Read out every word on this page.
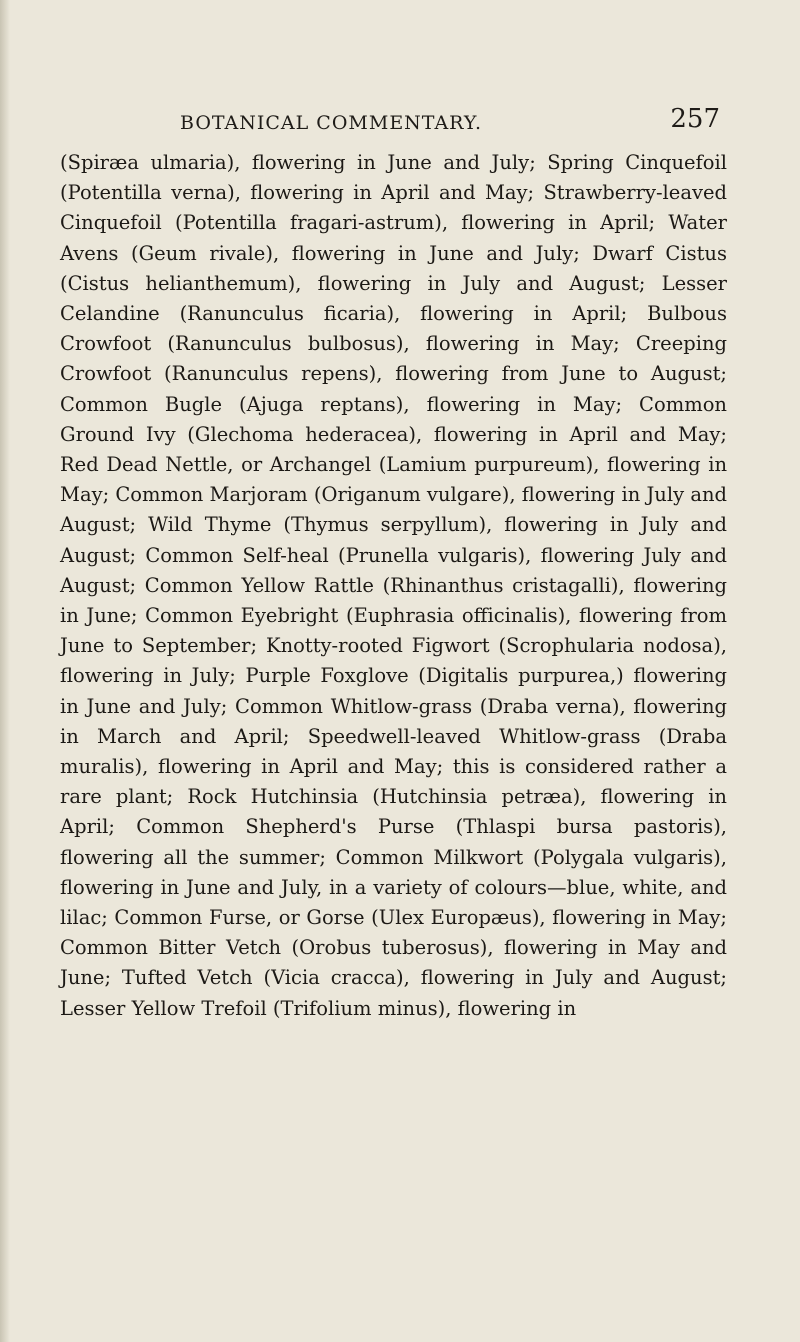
BOTANICAL COMMENTARY.	257

(Spiræa ulmaria), flowering in June and July; Spring Cinquefoil (Potentilla verna), flowering in April and May; Strawberry-leaved Cinquefoil (Potentilla fragari-astrum), flowering in April; Water Avens (Geum rivale), flowering in June and July; Dwarf Cistus (Cistus helianthemum), flowering in July and August; Lesser Celandine (Ranunculus ficaria), flowering in April; Bulbous Crowfoot (Ranunculus bulbosus), flowering in May; Creeping Crowfoot (Ranunculus repens), flowering from June to August; Common Bugle (Ajuga reptans), flowering in May; Common Ground Ivy (Glechoma hederacea), flowering in April and May; Red Dead Nettle, or Archangel (Lamium purpureum), flowering in May; Common Marjoram (Origanum vulgare), flowering in July and August; Wild Thyme (Thymus serpyllum), flowering in July and August; Common Self-heal (Prunella vulgaris), flowering July and August; Common Yellow Rattle (Rhinanthus cristagalli), flowering in June; Common Eyebright (Euphrasia officinalis), flowering from June to September; Knotty-rooted Figwort (Scrophularia nodosa), flowering in July; Purple Foxglove (Digitalis purpurea,) flowering in June and July; Common Whitlow-grass (Draba verna), flowering in March and April; Speedwell-leaved Whitlow-grass (Draba muralis), flowering in April and May; this is considered rather a rare plant; Rock Hutchinsia (Hutchinsia petræa), flowering in April; Common Shepherd's Purse (Thlaspi bursa pastoris), flowering all the summer; Common Milkwort (Polygala vulgaris), flowering in June and July, in a variety of colours—blue, white, and lilac; Common Furse, or Gorse (Ulex Europæus), flowering in May; Common Bitter Vetch (Orobus tuberosus), flowering in May and June; Tufted Vetch (Vicia cracca), flowering in July and August; Lesser Yellow Trefoil (Trifolium minus), flowering in
